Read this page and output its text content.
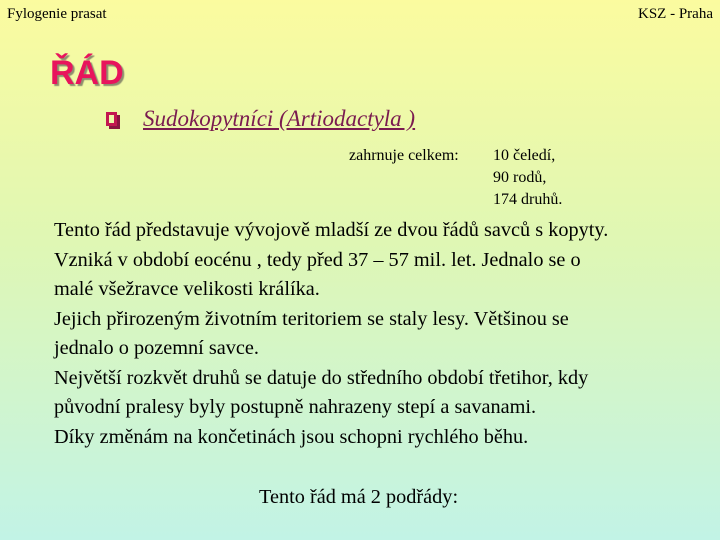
Fylogenie prasat	KSZ - Praha
ŘÁD
Sudokopytníci (Artiodactyla )
zahrnuje celkem: 10 čeledí,
90 rodů,
174 druhů.
Tento řád představuje vývojově mladší ze dvou řádů savců s kopyty.
Vzniká v období eocénu , tedy před 37 – 57 mil. let. Jednalo se o
malé všežravce velikosti králíka.
Jejich přirozeným životním teritoriem se staly lesy. Většinou se
jednalo o pozemní savce.
Největší rozkvět druhů se datuje do středního období třetihor, kdy
původní pralesy byly postupně nahrazeny stepí a savanami.
Díky změnám na končetinách jsou schopni rychlého běhu.
Tento řád má 2 podřády:
